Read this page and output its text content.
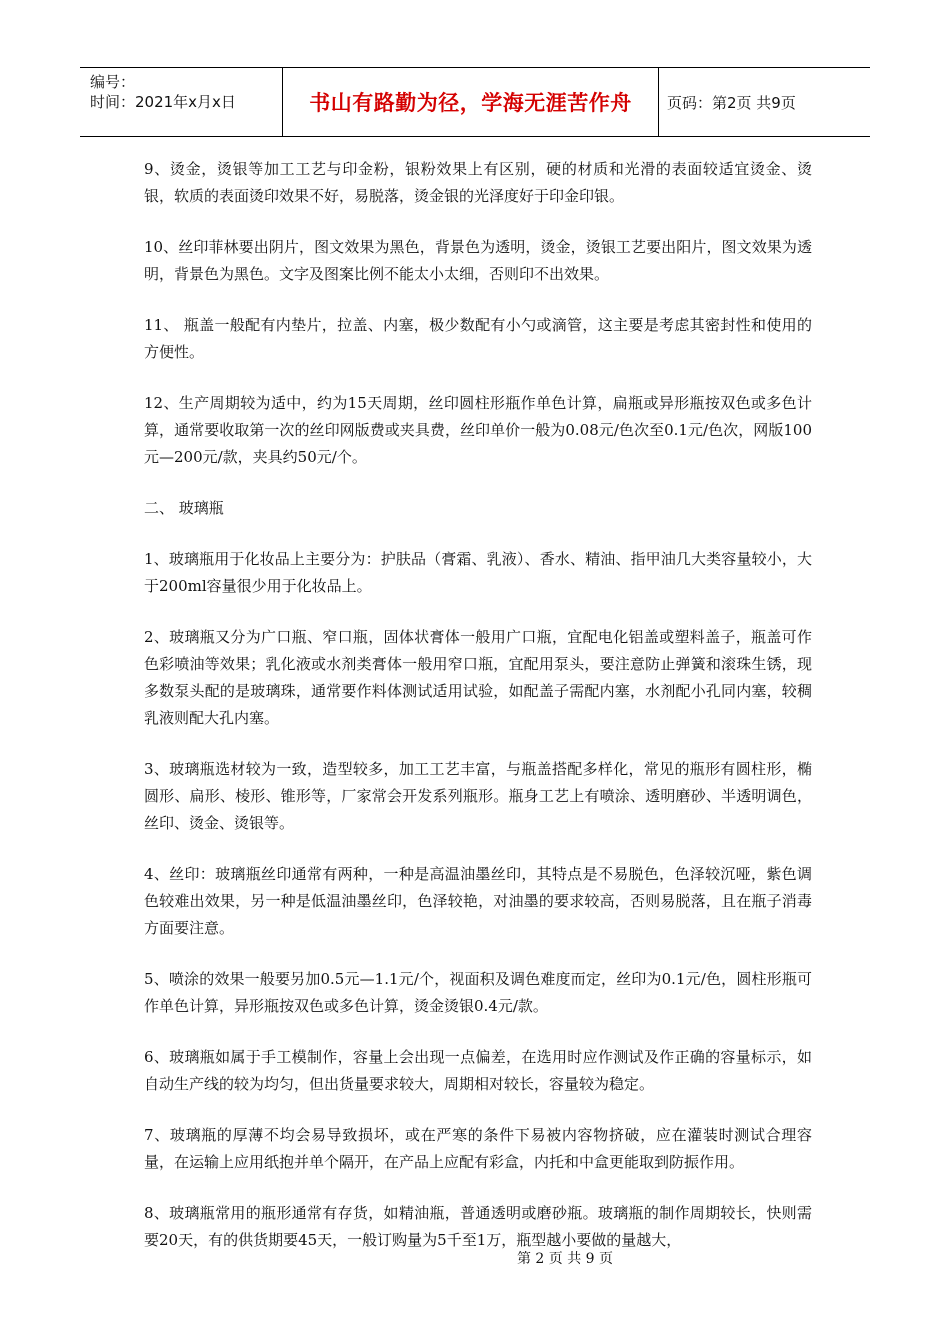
编号：
时间：2021年x月x日	书山有路勤为径，学海无涯苦作舟	页码：第2页 共9页

9、烫金，烫银等加工工艺与印金粉，银粉效果上有区别，硬的材质和光滑的表面较适宜烫金、烫银，软质的表面烫印效果不好，易脱落，烫金银的光泽度好于印金印银。

10、丝印菲林要出阴片，图文效果为黑色，背景色为透明，烫金，烫银工艺要出阳片，图文效果为透明，背景色为黑色。文字及图案比例不能太小太细，否则印不出效果。

11、 瓶盖一般配有内垫片，拉盖、内塞，极少数配有小勺或滴管，这主要是考虑其密封性和使用的方便性。

12、生产周期较为适中，约为15天周期，丝印圆柱形瓶作单色计算，扁瓶或异形瓶按双色或多色计算，通常要收取第一次的丝印网版费或夹具费，丝印单价一般为0.08元/色次至0.1元/色次，网版100元—200元/款，夹具约50元/个。

二、 玻璃瓶

1、玻璃瓶用于化妆品上主要分为：护肤品（膏霜、乳液）、香水、精油、指甲油几大类容量较小，大于200ml容量很少用于化妆品上。

2、玻璃瓶又分为广口瓶、窄口瓶，固体状膏体一般用广口瓶，宜配电化铝盖或塑料盖子，瓶盖可作色彩喷油等效果；乳化液或水剂类膏体一般用窄口瓶，宜配用泵头，要注意防止弹簧和滚珠生锈，现多数泵头配的是玻璃珠，通常要作料体测试适用试验，如配盖子需配内塞，水剂配小孔同内塞，较稠乳液则配大孔内塞。

3、玻璃瓶选材较为一致，造型较多，加工工艺丰富，与瓶盖搭配多样化，常见的瓶形有圆柱形，椭圆形、扁形、棱形、锥形等，厂家常会开发系列瓶形。瓶身工艺上有喷涂、透明磨砂、半透明调色，丝印、烫金、烫银等。

4、丝印：玻璃瓶丝印通常有两种，一种是高温油墨丝印，其特点是不易脱色，色泽较沉哑，紫色调色较难出效果，另一种是低温油墨丝印，色泽较艳，对油墨的要求较高，否则易脱落，且在瓶子消毒方面要注意。

5、喷涂的效果一般要另加0.5元—1.1元/个，视面积及调色难度而定，丝印为0.1元/色，圆柱形瓶可作单色计算，异形瓶按双色或多色计算，烫金烫银0.4元/款。

6、玻璃瓶如属于手工模制作，容量上会出现一点偏差，在选用时应作测试及作正确的容量标示，如自动生产线的较为均匀，但出货量要求较大，周期相对较长，容量较为稳定。

7、玻璃瓶的厚薄不均会易导致损坏，或在严寒的条件下易被内容物挤破，应在灌装时测试合理容量，在运输上应用纸抱并单个隔开，在产品上应配有彩盒，内托和中盒更能取到防振作用。

8、玻璃瓶常用的瓶形通常有存货，如精油瓶，普通透明或磨砂瓶。玻璃瓶的制作周期较长，快则需要20天，有的供货期要45天，一般订购量为5千至1万，瓶型越小要做的量越大，

第 2 页 共 9 页
